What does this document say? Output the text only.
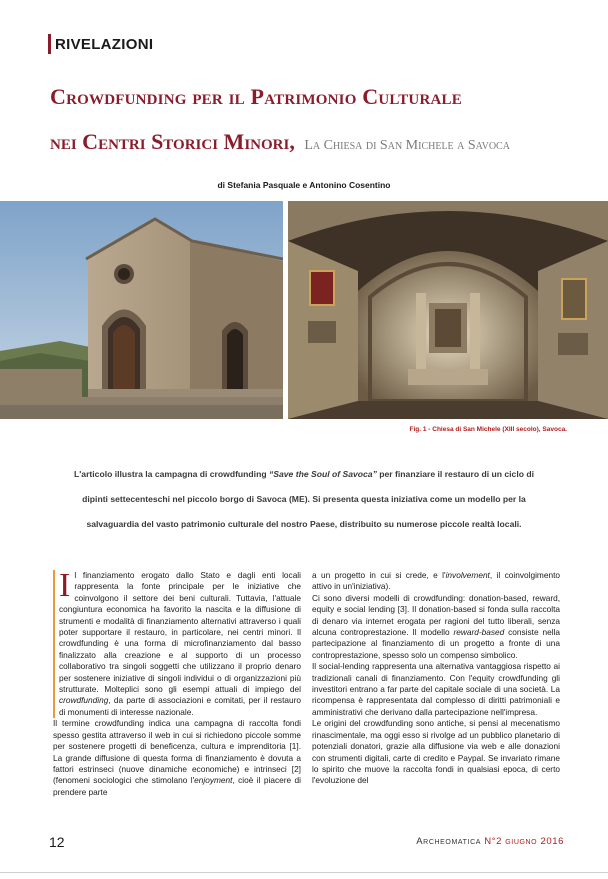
RIVELAZIONI
Crowdfunding per il Patrimonio Culturale
nei Centri Storici Minori, La Chiesa di San Michele a Savoca
di Stefania Pasquale e Antonino Cosentino
Fig. 1 - Chiesa di San Michele (XIII secolo), Savoca.
L'articolo illustra la campagna di crowdfunding “Save the Soul of Savoca” per finanziare il restauro di un ciclo di dipinti settecenteschi nel piccolo borgo di Savoca (ME). Si presenta questa iniziativa come un modello per la salvaguardia del vasto patrimonio culturale del nostro Paese, distribuito su numerose piccole realtà locali.

Il finanziamento erogato dallo Stato e dagli enti locali rappresenta la fonte principale per le iniziative che coinvolgono il settore dei beni culturali. Tuttavia, l'attuale congiuntura economica ha favorito la nascita e la diffusione di strumenti e modalità di finanziamento alternativi attraverso i quali poter supportare il restauro, in particolare, nei centri minori. Il crowdfunding è una forma di microfinanziamento dal basso finalizzato alla creazione e al supporto di un processo collaborativo tra singoli soggetti che utilizzano il proprio denaro per sostenere iniziative di singoli individui o di organizzazioni più strutturate. Molteplici sono gli esempi attuali di impiego del crowdfunding, da parte di associazioni e comitati, per il restauro di monumenti di interesse nazionale.

Il termine crowdfunding indica una campagna di raccolta fondi spesso gestita attraverso il web in cui si richiedono piccole somme per sostenere progetti di beneficenza, cultura e imprenditoria [1]. La grande diffusione di questa forma di finanziamento è dovuta a fattori estrinseci (nuove dinamiche economiche) e intrinseci [2] (fenomeni sociologici che stimolano l'enjoyment, cioè il piacere di prendere parte

a un progetto in cui si crede, e l'involvement, il coinvolgimento attivo in un'iniziativa).

Ci sono diversi modelli di crowdfunding: donation-based, reward, equity e social lending [3]. Il donation-based si fonda sulla raccolta di denaro via internet erogata per ragioni del tutto liberali, senza alcuna controprestazione. Il modello reward-based consiste nella partecipazione al finanziamento di un progetto a fronte di una controprestazione, spesso solo un compenso simbolico.

Il social-lending rappresenta una alternativa vantaggiosa rispetto ai tradizionali canali di finanziamento. Con l'equity crowdfunding gli investitori entrano a far parte del capitale sociale di una società. La ricompensa è rappresentata dal complesso di diritti patrimoniali e amministrativi che derivano dalla partecipazione nell'impresa.

Le origini del crowdfunding sono antiche, si pensi al mecenatismo rinascimentale, ma oggi esso si rivolge ad un pubblico planetario di potenziali donatori, grazie alla diffusione via web e alle donazioni con strumenti digitali, carte di credito e Paypal. Se invariato rimane lo spirito che muove la raccolta fondi in qualsiasi epoca, di certo l'evoluzione del

12	Archeomatica N°2 giugno 2016
